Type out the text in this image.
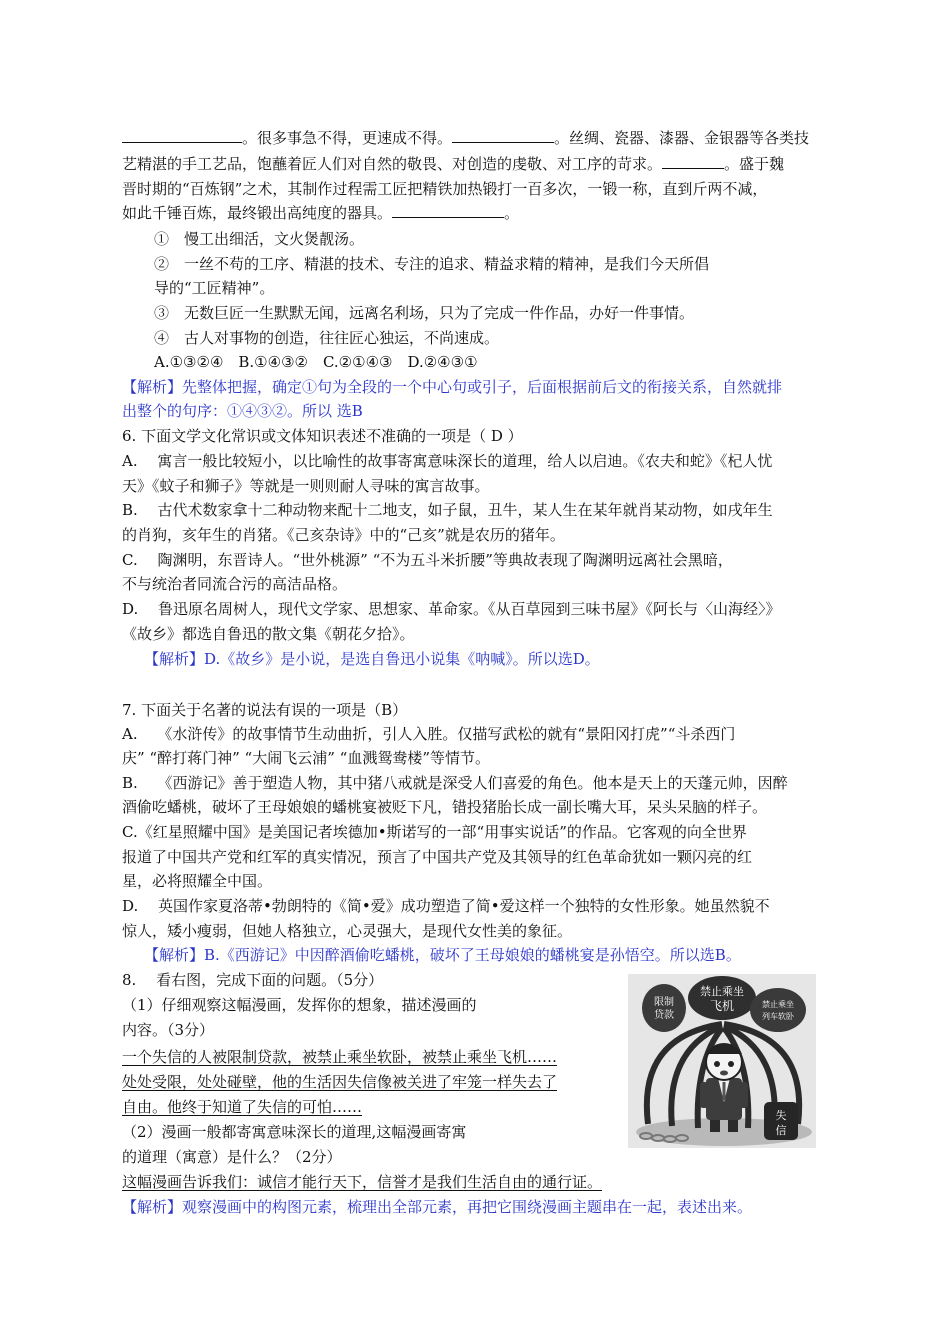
。很多事急不得，更速成不得。	。丝绸、瓷器、漆器、金银器等各类技
艺精湛的手工艺品，饱蘸着匠人们对自然的敬畏、对创造的虔敬、对工序的苛求。	。盛于魏
晋时期的“百炼钢”之术，其制作过程需工匠把精铁加热锻打一百多次，一锻一称，直到斤两不减，
如此千锤百炼，最终锻出高纯度的器具。	。
①　慢工出细活，文火煲靓汤。
②　一丝不苟的工序、精湛的技术、专注的追求、精益求精的精神，是我们今天所倡
导的“工匠精神”。
③　无数巨匠一生默默无闻，远离名利场，只为了完成一件作品，办好一件事情。
④　古人对事物的创造，往往匠心独运，不尚速成。
A.①③②④　B.①④③②　C.②①④③　D.②④③①
【解析】先整体把握，确定①句为全段的一个中心句或引子，后面根据前后文的衔接关系，自然就排
出整个的句序：①④③②。所以 选B
6. 下面文学文化常识或文体知识表述不准确的一项是（ D ）
A.　 寓言一般比较短小，以比喻性的故事寄寓意味深长的道理，给人以启迪。《农夫和蛇》《杞人忧
天》《蚊子和狮子》等就是一则则耐人寻味的寓言故事。
B.　 古代术数家拿十二种动物来配十二地支，如子鼠，丑牛，某人生在某年就肖某动物，如戌年生
的肖狗，亥年生的肖猪。《己亥杂诗》中的“己亥”就是农历的猪年。
C.　 陶渊明，东晋诗人。“世外桃源” “不为五斗米折腰”等典故表现了陶渊明远离社会黑暗，
不与统治者同流合污的高洁品格。
D.　 鲁迅原名周树人，现代文学家、思想家、革命家。《从百草园到三味书屋》《阿长与〈山海经〉》
《故乡》都选自鲁迅的散文集《朝花夕拾》。
【解析】D.《故乡》是小说，是选自鲁迅小说集《呐喊》。所以选D。
7. 下面关于名著的说法有误的一项是（B）
A.　 《水浒传》的故事情节生动曲折，引人入胜。仅描写武松的就有“景阳冈打虎”“斗杀西门
庆” “醉打蒋门神” “大闹飞云浦” “血溅鸳鸯楼”等情节。
B.　 《西游记》善于塑造人物，其中猪八戒就是深受人们喜爱的角色。他本是天上的天蓬元帅，因醉
酒偷吃蟠桃，破坏了王母娘娘的蟠桃宴被贬下凡，错投猪胎长成一副长嘴大耳，呆头呆脑的样子。
C.《红星照耀中国》是美国记者埃德加•斯诺写的一部“用事实说话”的作品。它客观的向全世界
报道了中国共产党和红军的真实情况，预言了中国共产党及其领导的红色革命犹如一颗闪亮的红
星，必将照耀全中国。
D.　 英国作家夏洛蒂•勃朗特的《简•爱》成功塑造了简•爱这样一个独特的女性形象。她虽然貌不
惊人，矮小瘦弱，但她人格独立，心灵强大，是现代女性美的象征。
【解析】B.《西游记》中因醉酒偷吃蟠桃，破坏了王母娘娘的蟠桃宴是孙悟空。所以选B。
8.　 看右图，完成下面的问题。（5分）
（1）仔细观察这幅漫画，发挥你的想象，描述漫画的
内容。（3分）
一个失信的人被限制贷款，被禁止乘坐软卧，被禁止乘坐飞机……
处处受限，处处碰壁，他的生活因失信像被关进了牢笼一样失去了
自由。他终于知道了失信的可怕……
（2）漫画一般都寄寓意味深长的道理,这幅漫画寄寓
的道理（寓意）是什么？（2分）
这幅漫画告诉我们：诚信才能行天下，信誉才是我们生活自由的通行证。
【解析】观察漫画中的构图元素，梳理出全部元素，再把它围绕漫画主题串在一起，表述出来。
限制
贷款
禁止乘坐
飞机	禁止乘坐
列车软卧
失
信
